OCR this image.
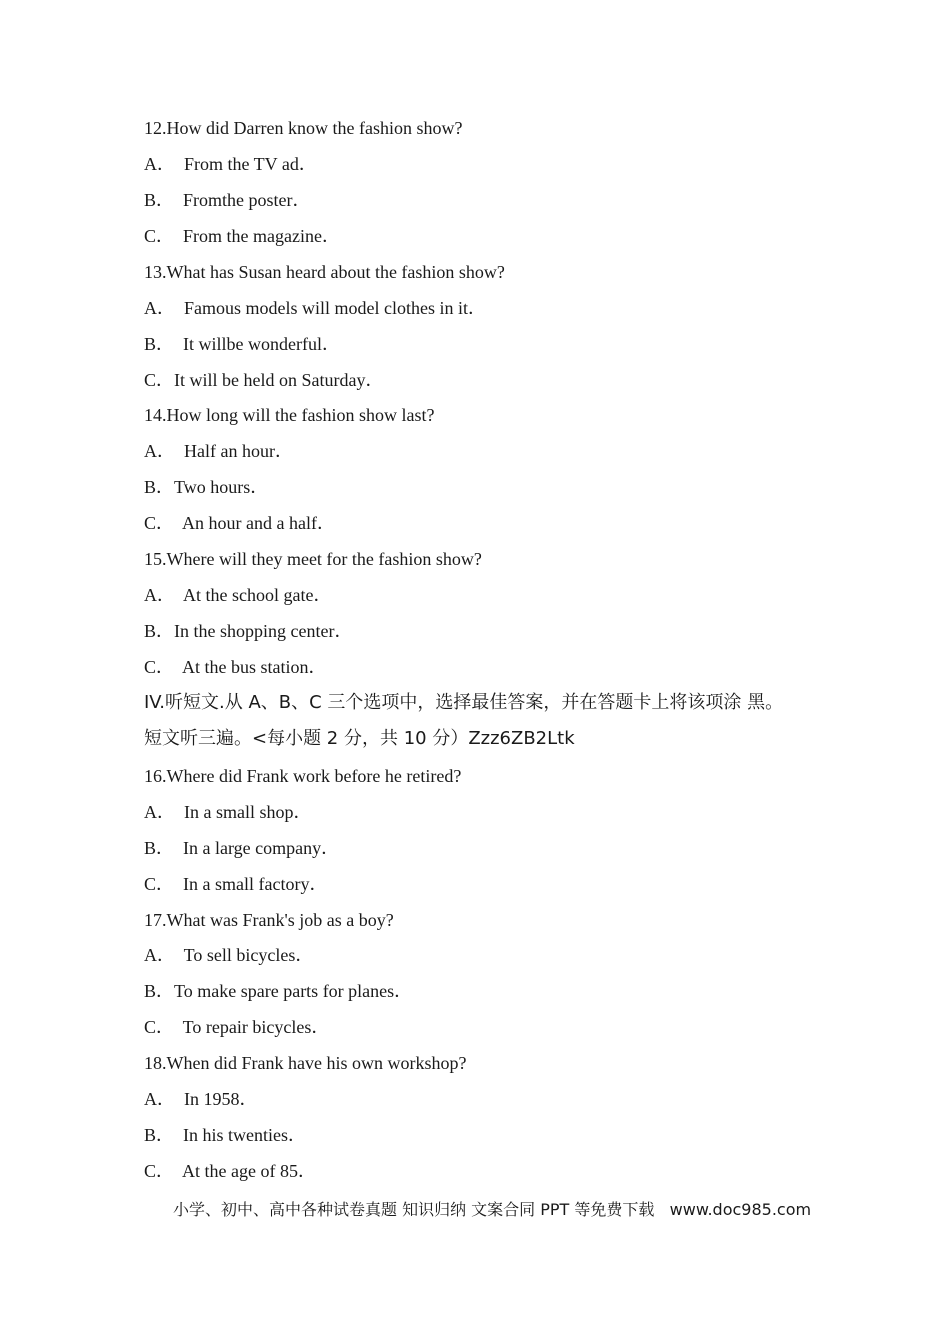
12.How did Darren know the fashion show?
A．  From the TV ad．
B．  Fromthe poster．
C．  From the magazine．
13.What has Susan heard about the fashion show?
A．  Famous models will model clothes in it．
B．  It willbe wonderful．
C．It will be held on Saturday．
14.How long will the fashion show last?
A．  Half an hour．
B．Two hours．
C．  An hour and a half．
15.Where will they meet for the fashion show?
A．  At the school gate．
B．In the shopping center．
C．  At the bus station．
IV.听短文.从 A、B、C 三个选项中，选择最佳答案，并在答题卡上将该项涂 黑。
短文听三遍。<每小题 2 分，共 10 分）Zzz6ZB2Ltk
16.Where did Frank work before he retired?
A．  In a small shop．
B．  In a large company．
C．  In a small factory．
17.What was Frank's job as a boy?
A．  To sell bicycles．
B．To make spare parts for planes．
C．  To repair bicycles．
18.When did Frank have his own workshop?
A．  In 1958．
B．  In his twenties．
C．  At the age of 85．
小学、初中、高中各种试卷真题 知识归纳 文案合同 PPT 等免费下载   www.doc985.com
